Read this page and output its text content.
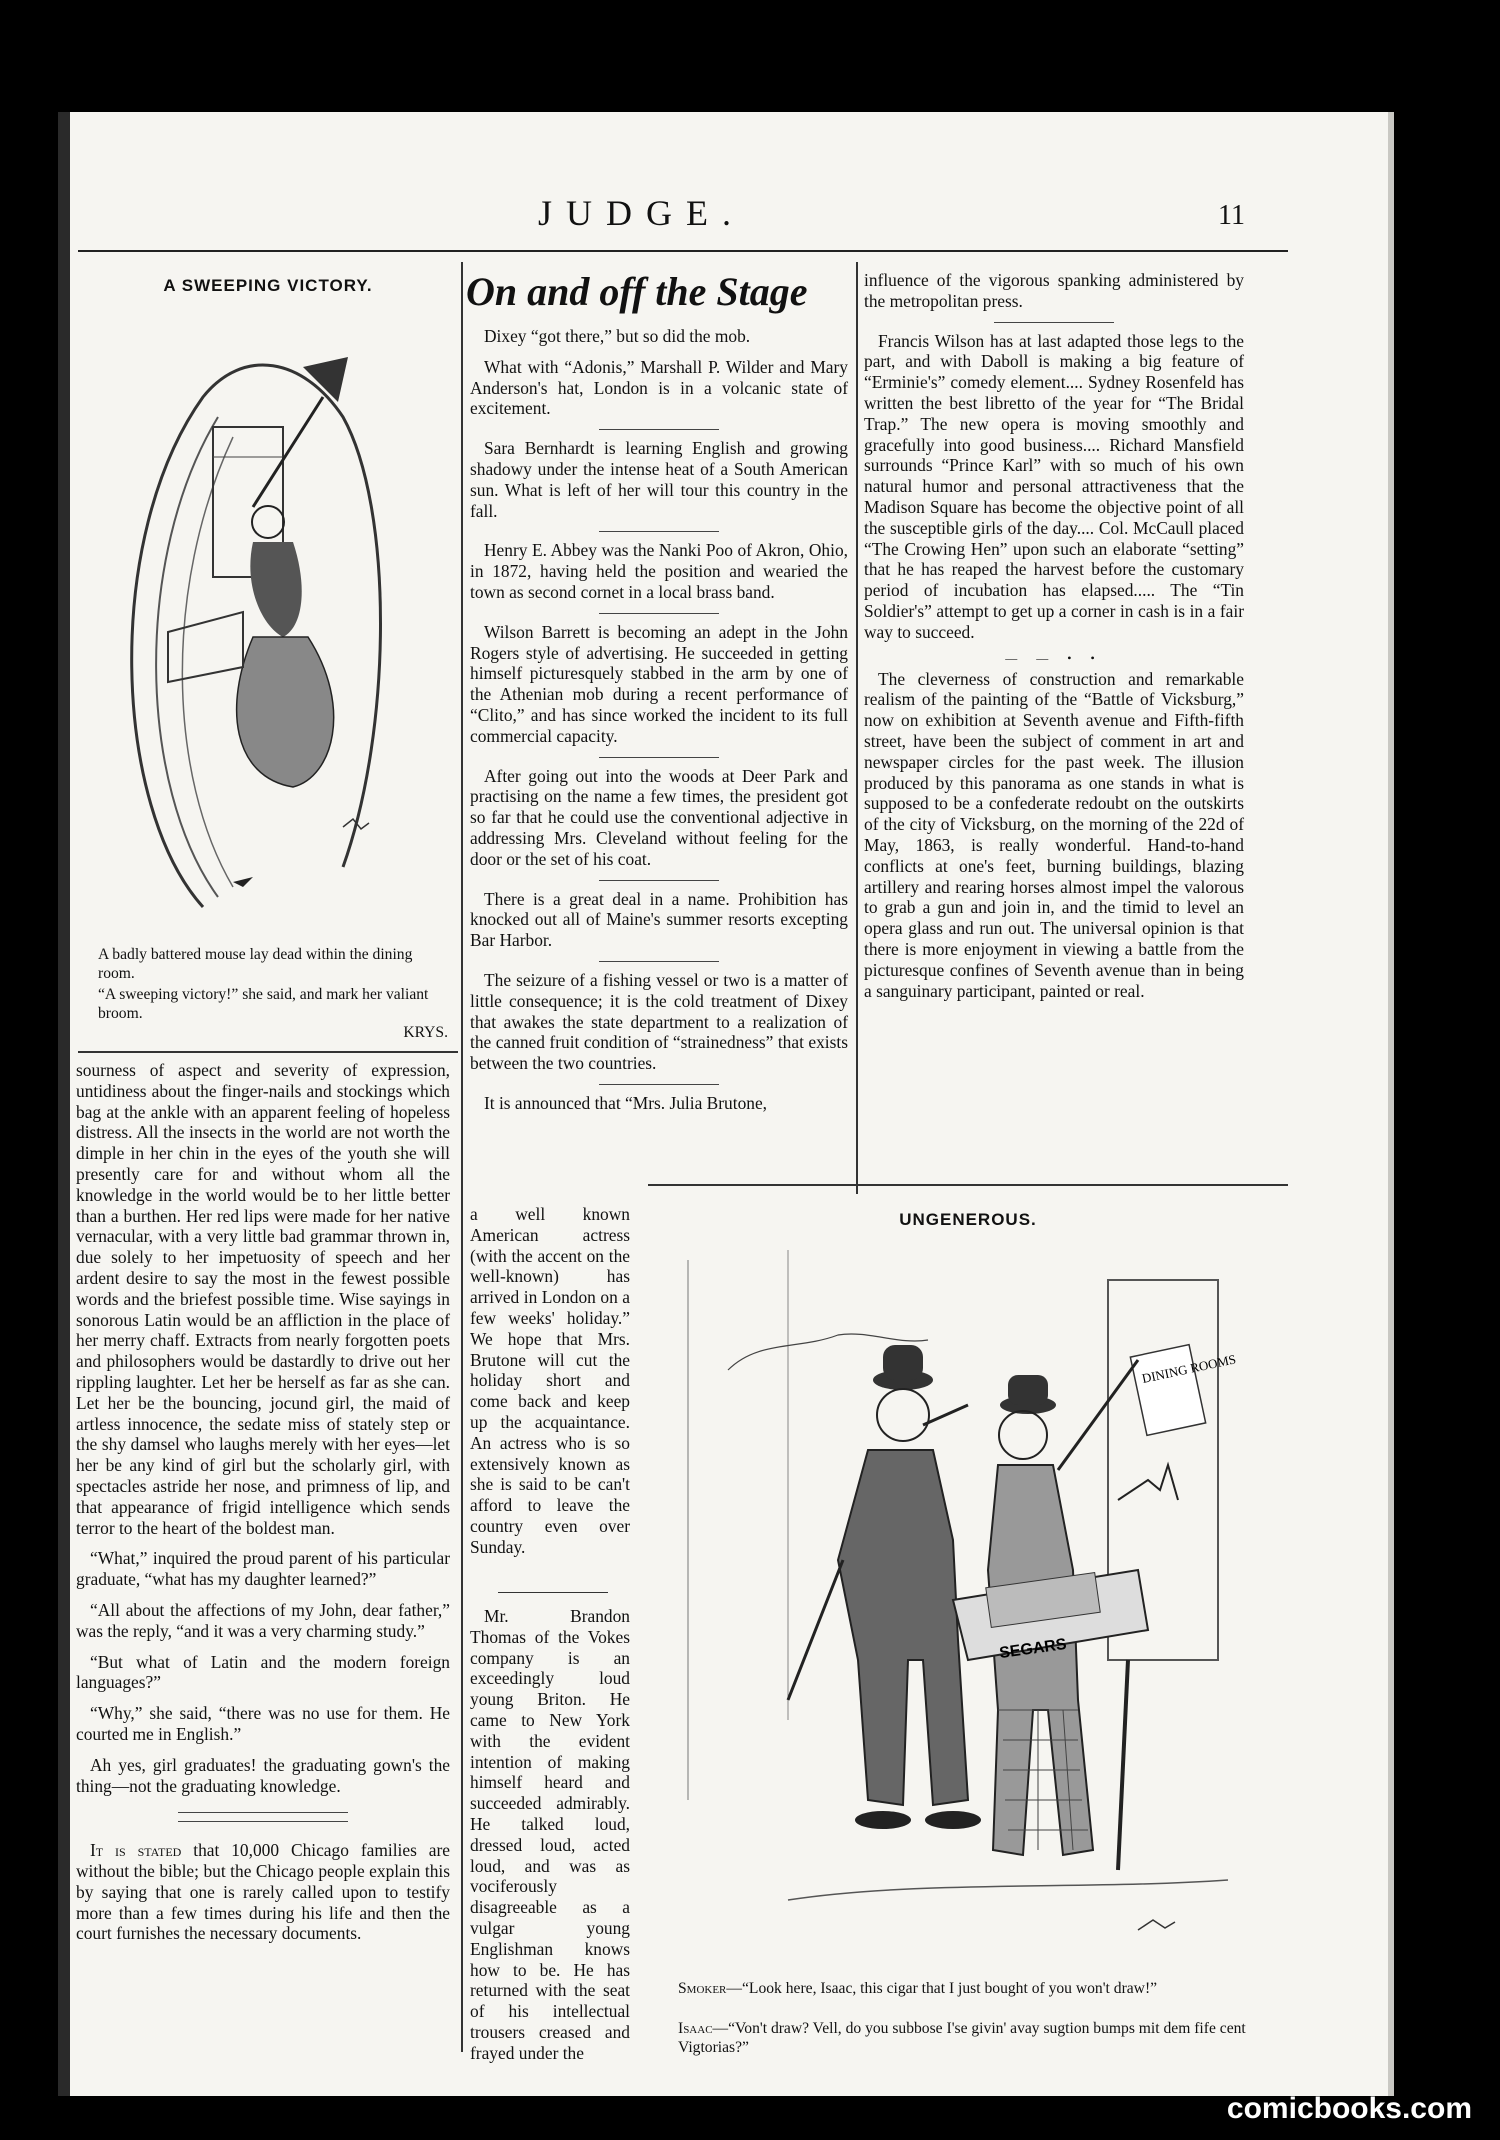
JUDGE.	11
A SWEEPING VICTORY.
A badly battered mouse lay dead within the dining room.
“A sweeping victory!” she said, and mark her valiant broom.
KRYS.

sourness of aspect and severity of expression, untidiness about the finger-nails and stockings which bag at the ankle with an apparent feeling of hopeless distress. All the insects in the world are not worth the dimple in her chin in the eyes of the youth she will presently care for and without whom all the knowledge in the world would be to her little better than a burthen. Her red lips were made for her native vernacular, with a very little bad grammar thrown in, due solely to her impetuosity of speech and her ardent desire to say the most in the fewest possible words and the briefest possible time. Wise sayings in sonorous Latin would be an affliction in the place of her merry chaff. Extracts from nearly forgotten poets and philosophers would be dastardly to drive out her rippling laughter. Let her be herself as far as she can. Let her be the bouncing, jocund girl, the maid of artless innocence, the sedate miss of stately step or the shy damsel who laughs merely with her eyes—let her be any kind of girl but the scholarly girl, with spectacles astride her nose, and primness of lip, and that appearance of frigid intelligence which sends terror to the heart of the boldest man.

“What,” inquired the proud parent of his particular graduate, “what has my daughter learned?”

“All about the affections of my John, dear father,” was the reply, “and it was a very charming study.”

“But what of Latin and the modern foreign languages?”

“Why,” she said, “there was no use for them. He courted me in English.”

Ah yes, girl graduates! the graduating gown's the thing—not the graduating knowledge.

It is stated that 10,000 Chicago families are without the bible; but the Chicago people explain this by saying that one is rarely called upon to testify more than a few times during his life and then the court furnishes the necessary documents.

On and off the Stage

Dixey “got there,” but so did the mob.

What with “Adonis,” Marshall P. Wilder and Mary Anderson's hat, London is in a volcanic state of excitement.

Sara Bernhardt is learning English and growing shadowy under the intense heat of a South American sun. What is left of her will tour this country in the fall.

Henry E. Abbey was the Nanki Poo of Akron, Ohio, in 1872, having held the position and wearied the town as second cornet in a local brass band.

Wilson Barrett is becoming an adept in the John Rogers style of advertising. He succeeded in getting himself picturesquely stabbed in the arm by one of the Athenian mob during a recent performance of “Clito,” and has since worked the incident to its full commercial capacity.

After going out into the woods at Deer Park and practising on the name a few times, the president got so far that he could use the conventional adjective in addressing Mrs. Cleveland without feeling for the door or the set of his coat.

There is a great deal in a name. Prohibition has knocked out all of Maine's summer resorts excepting Bar Harbor.

The seizure of a fishing vessel or two is a matter of little consequence; it is the cold treatment of Dixey that awakes the state department to a realization of the canned fruit condition of “strainedness” that exists between the two countries.

It is announced that “Mrs. Julia Brutone,

a well known American actress (with the accent on the well-known) has arrived in London on a few weeks' holiday.” We hope that Mrs. Brutone will cut the holiday short and come back and keep up the acquaintance. An actress who is so extensively known as she is said to be can't afford to leave the country even over Sunday.

Mr. Brandon Thomas of the Vokes company is an exceedingly loud young Briton. He came to New York with the evident intention of making himself heard and succeeded admirably. He talked loud, dressed loud, acted loud, and was as vociferously disagreeable as a vulgar young Englishman knows how to be. He has returned with the seat of his intellectual trousers creased and frayed under the

influence of the vigorous spanking administered by the metropolitan press.

Francis Wilson has at last adapted those legs to the part, and with Daboll is making a big feature of “Erminie's” comedy element.... Sydney Rosenfeld has written the best libretto of the year for “The Bridal Trap.” The new opera is moving smoothly and gracefully into good business.... Richard Mansfield surrounds “Prince Karl” with so much of his own natural humor and personal attractiveness that the Madison Square has become the objective point of all the susceptible girls of the day.... Col. McCaull placed “The Crowing Hen” upon such an elaborate “setting” that he has reaped the harvest before the customary period of incubation has elapsed..... The “Tin Soldier's” attempt to get up a corner in cash is in a fair way to succeed.

— — • •

The cleverness of construction and remarkable realism of the painting of the “Battle of Vicksburg,” now on exhibition at Seventh avenue and Fifth-fifth street, have been the subject of comment in art and newspaper circles for the past week. The illusion produced by this panorama as one stands in what is supposed to be a confederate redoubt on the outskirts of the city of Vicksburg, on the morning of the 22d of May, 1863, is really wonderful. Hand-to-hand conflicts at one's feet, burning buildings, blazing artillery and rearing horses almost impel the valorous to grab a gun and join in, and the timid to level an opera glass and run out. The universal opinion is that there is more enjoyment in viewing a battle from the picturesque confines of Seventh avenue than in being a sanguinary participant, painted or real.

UNGENEROUS.
DINING ROOMS
SEGARS
Smoker—“Look here, Isaac, this cigar that I just bought of you won't draw!”
Isaac—“Von't draw? Vell, do you subbose I'se givin' avay sugtion bumps mit dem fife cent Vigtorias?”
comicbooks.com
